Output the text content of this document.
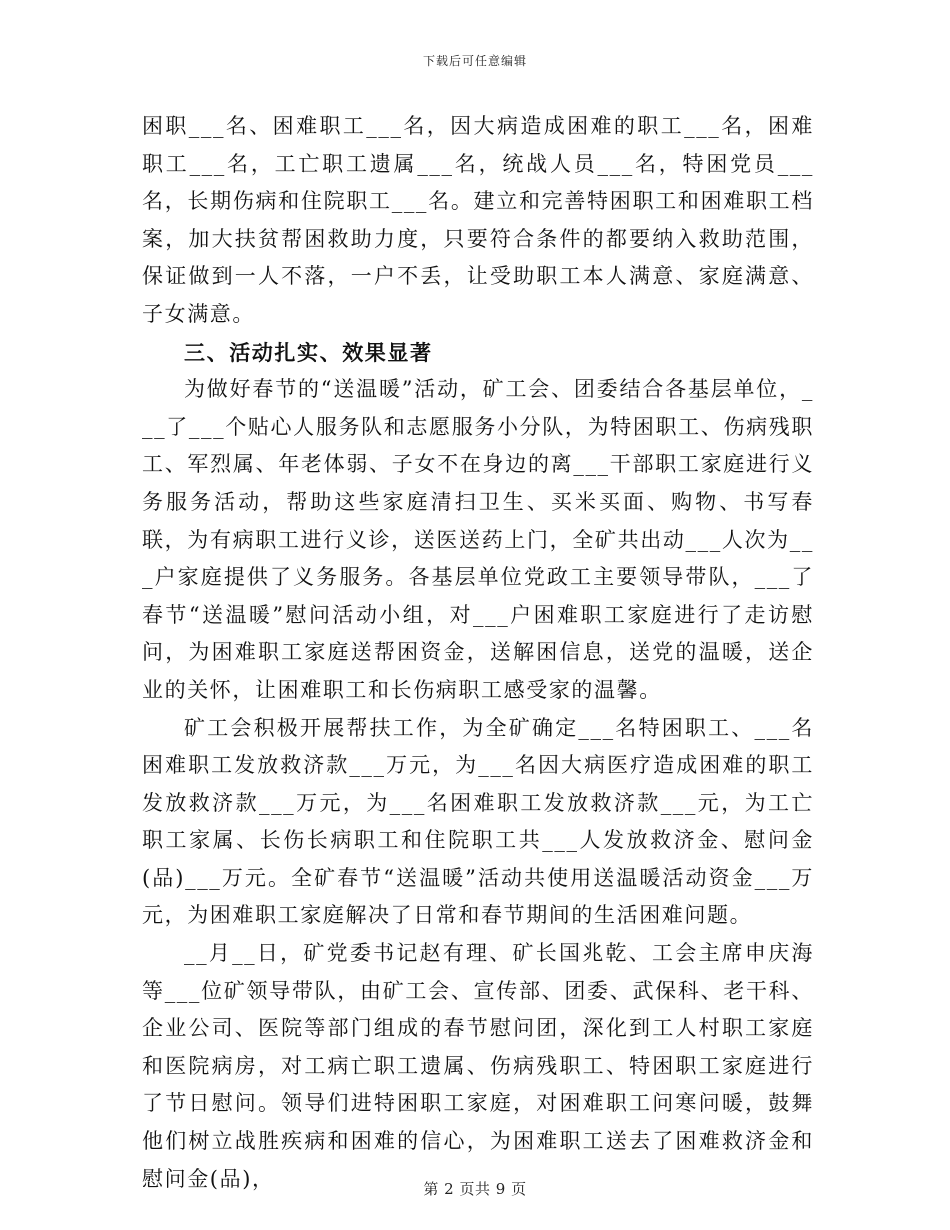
下载后可任意编辑

困职___名、困难职工___名，因大病造成困难的职工___名，困难职工___名，工亡职工遗属___名，统战人员___名，特困党员___名，长期伤病和住院职工___名。建立和完善特困职工和困难职工档案，加大扶贫帮困救助力度，只要符合条件的都要纳入救助范围，保证做到一人不落，一户不丢，让受助职工本人满意、家庭满意、子女满意。

三、活动扎实、效果显著

为做好春节的“送温暖”活动，矿工会、团委结合各基层单位，___了___个贴心人服务队和志愿服务小分队，为特困职工、伤病残职工、军烈属、年老体弱、子女不在身边的离___干部职工家庭进行义务服务活动，帮助这些家庭清扫卫生、买米买面、购物、书写春联，为有病职工进行义诊，送医送药上门，全矿共出动___人次为___户家庭提供了义务服务。各基层单位党政工主要领导带队，___了春节“送温暖”慰问活动小组，对___户困难职工家庭进行了走访慰问，为困难职工家庭送帮困资金，送解困信息，送党的温暖，送企业的关怀，让困难职工和长伤病职工感受家的温馨。

矿工会积极开展帮扶工作，为全矿确定___名特困职工、___名困难职工发放救济款___万元，为___名因大病医疗造成困难的职工发放救济款___万元，为___名困难职工发放救济款___元，为工亡职工家属、长伤长病职工和住院职工共___人发放救济金、慰问金(品)___万元。全矿春节“送温暖”活动共使用送温暖活动资金___万元，为困难职工家庭解决了日常和春节期间的生活困难问题。

__月__日，矿党委书记赵有理、矿长国兆乾、工会主席申庆海等___位矿领导带队，由矿工会、宣传部、团委、武保科、老干科、企业公司、医院等部门组成的春节慰问团，深化到工人村职工家庭和医院病房，对工病亡职工遗属、伤病残职工、特困职工家庭进行了节日慰问。领导们进特困职工家庭，对困难职工问寒问暖，鼓舞他们树立战胜疾病和困难的信心，为困难职工送去了困难救济金和慰问金(品)，	第 2 页共 9 页
